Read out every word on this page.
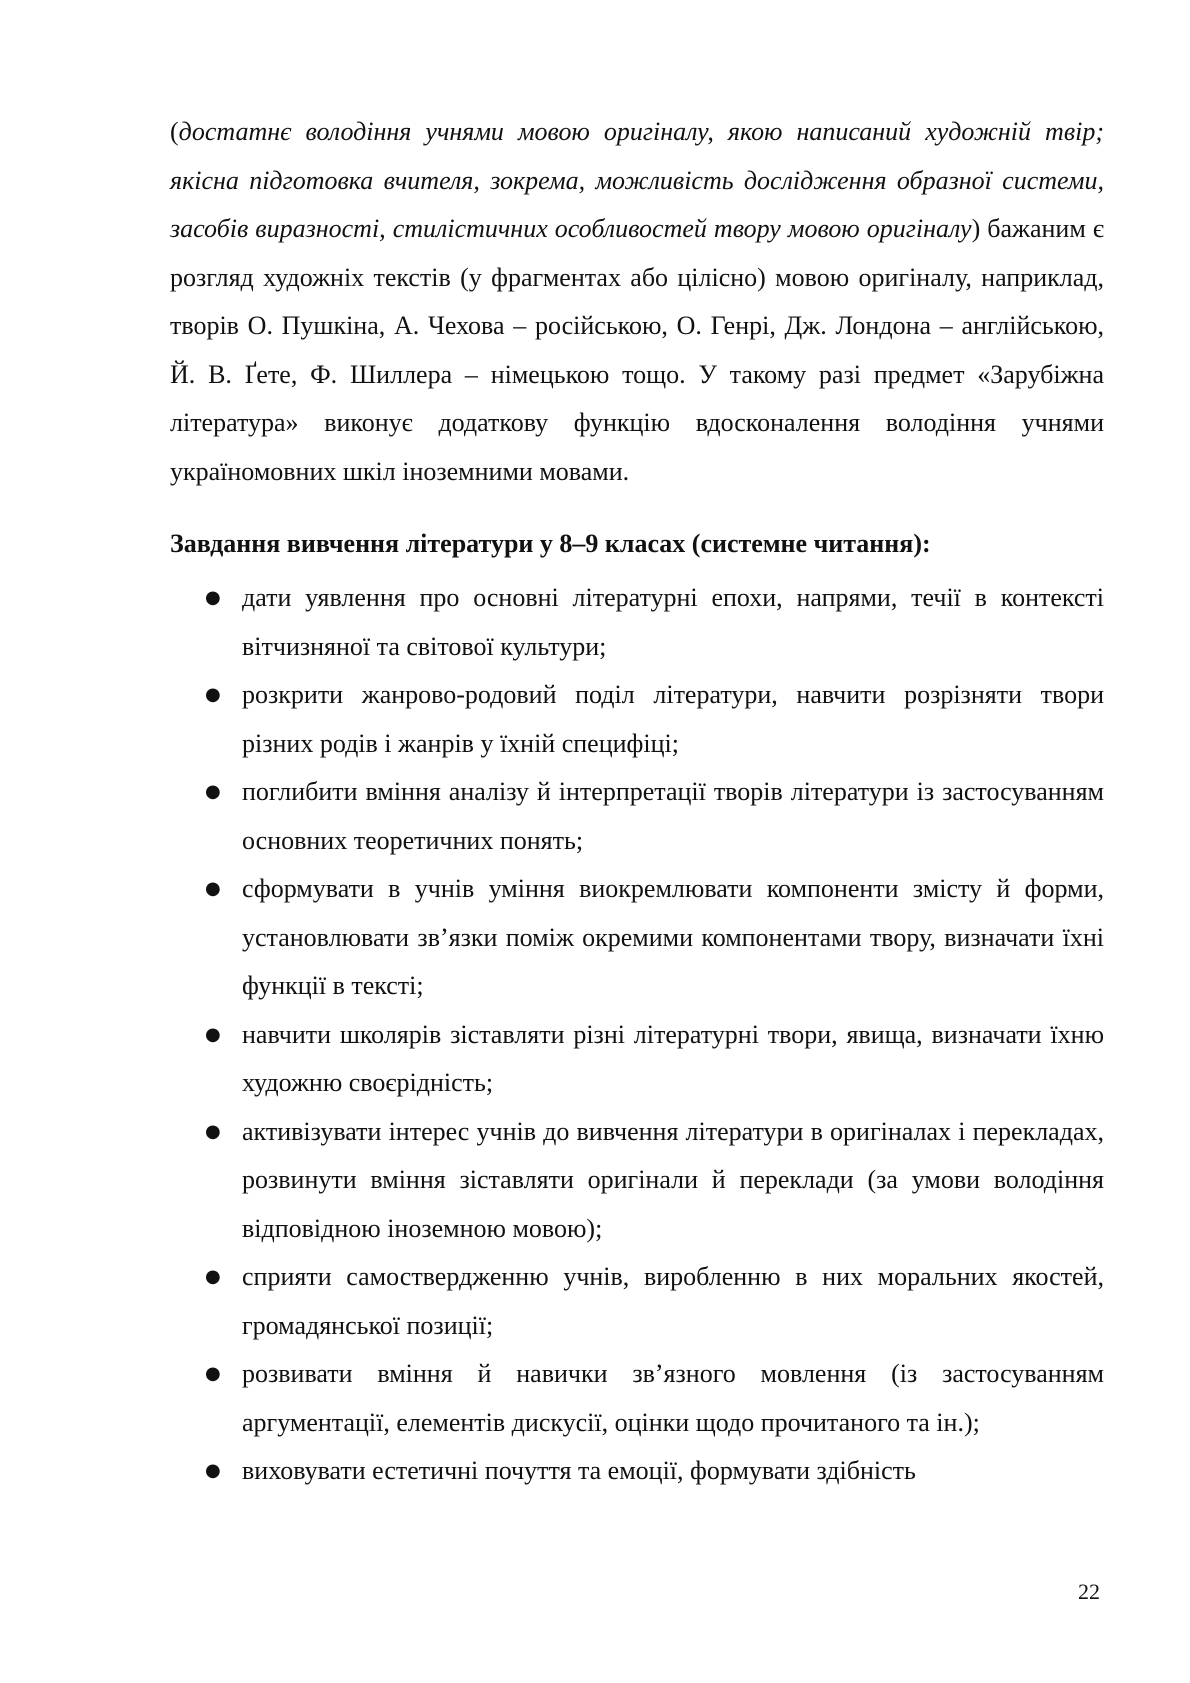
(достатнє володіння учнями мовою оригіналу, якою написаний художній твір; якісна підготовка вчителя, зокрема, можливість дослідження образної системи, засобів виразності, стилістичних особливостей твору мовою оригіналу) бажаним є розгляд художніх текстів (у фрагментах або цілісно) мовою оригіналу, наприклад, творів О. Пушкіна, А. Чехова – російською, О. Генрі, Дж. Лондона – англійською, Й. В. Ґете, Ф. Шиллера – німецькою тощо. У такому разі предмет «Зарубіжна література» виконує додаткову функцію вдосконалення володіння учнями україномовних шкіл іноземними мовами.

Завдання вивчення літератури у 8–9 класах (системне читання):
● дати уявлення про основні літературні епохи, напрями, течії в контексті вітчизняної та світової культури;
● розкрити жанрово-родовий поділ літератури, навчити розрізняти твори різних родів і жанрів у їхній специфіці;
● поглибити вміння аналізу й інтерпретації творів літератури із застосуванням основних теоретичних понять;
● сформувати в учнів уміння виокремлювати компоненти змісту й форми, установлювати зв’язки поміж окремими компонентами твору, визначати їхні функції в тексті;
● навчити школярів зіставляти різні літературні твори, явища, визначати їхню художню своєрідність;
● активізувати інтерес учнів до вивчення літератури в оригіналах і перекладах, розвинути вміння зіставляти оригінали й переклади (за умови володіння відповідною іноземною мовою);
● сприяти самоствердженню учнів, виробленню в них моральних якостей, громадянської позиції;
● розвивати вміння й навички зв’язного мовлення (із застосуванням аргументації, елементів дискусії, оцінки щодо прочитаного та ін.);
● виховувати естетичні почуття та емоції, формувати здібність
22
